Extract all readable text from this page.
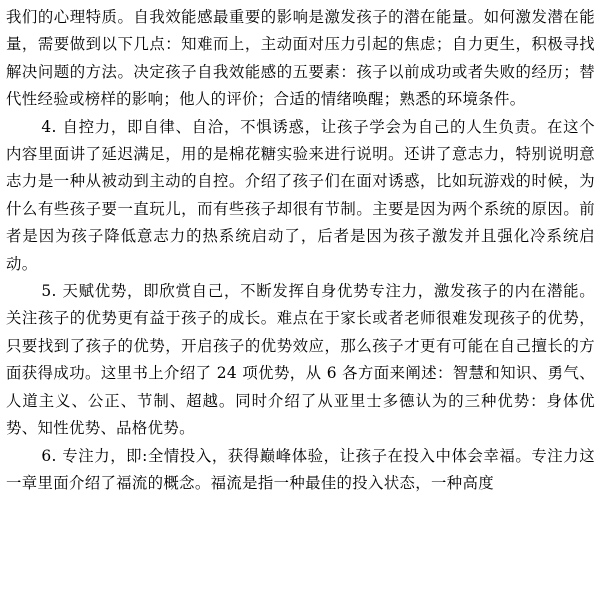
我们的心理特质。自我效能感最重要的影响是激发孩子的潜在能量。如何激发潜在能量，需要做到以下几点：知难而上，主动面对压力引起的焦虑；自力更生，积极寻找解决问题的方法。决定孩子自我效能感的五要素：孩子以前成功或者失败的经历；替代性经验或榜样的影响；他人的评价；合适的情绪唤醒；熟悉的环境条件。

4. 自控力，即自律、自洽，不惧诱惑，让孩子学会为自己的人生负责。在这个内容里面讲了延迟满足，用的是棉花糖实验来进行说明。还讲了意志力，特别说明意志力是一种从被动到主动的自控。介绍了孩子们在面对诱惑，比如玩游戏的时候，为什么有些孩子要一直玩儿，而有些孩子却很有节制。主要是因为两个系统的原因。前者是因为孩子降低意志力的热系统启动了，后者是因为孩子激发并且强化冷系统启动。

5. 天赋优势，即欣赏自己，不断发挥自身优势专注力，激发孩子的内在潜能。关注孩子的优势更有益于孩子的成长。难点在于家长或者老师很难发现孩子的优势，只要找到了孩子的优势，开启孩子的优势效应，那么孩子才更有可能在自己擅长的方面获得成功。这里书上介绍了 24 项优势，从 6 各方面来阐述：智慧和知识、勇气、人道主义、公正、节制、超越。同时介绍了从亚里士多德认为的三种优势：身体优势、知性优势、品格优势。

6. 专注力，即:全情投入，获得巅峰体验，让孩子在投入中体会幸福。专注力这一章里面介绍了福流的概念。福流是指一种最佳的投入状态，一种高度
